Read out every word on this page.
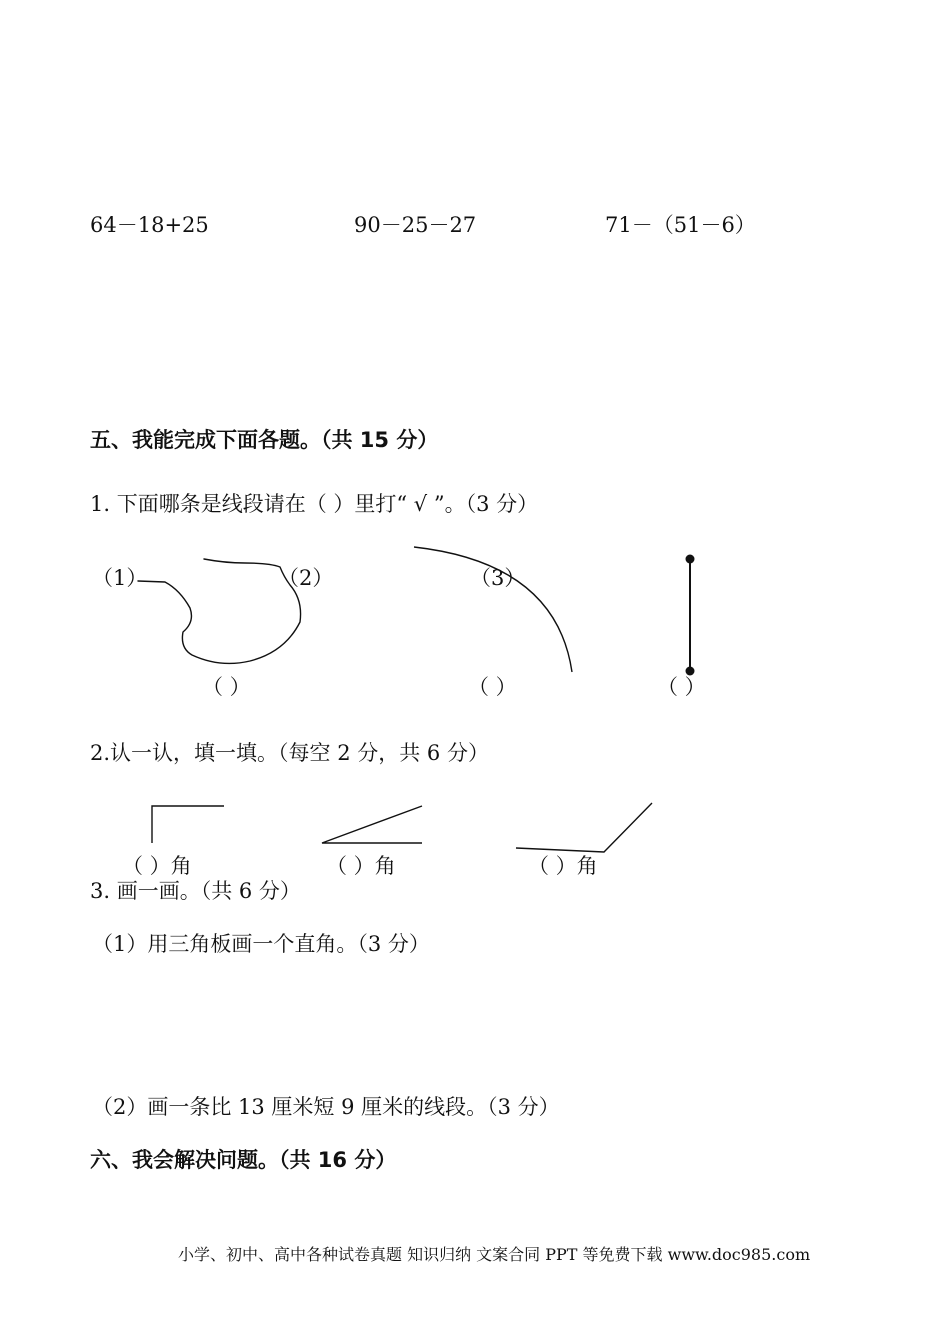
64－18+25	90－25－27	71－（51－6）
五、我能完成下面各题。（共 15 分）
1. 下面哪条是线段请在（ ）里打“ √ ”。（3 分）
（1）	（2）	（3）
（ ）	（ ）	（ ）
2.认一认，填一填。（每空 2 分，共 6 分）
（ ）角	（ ）角	（ ）角
3. 画一画。（共 6 分）
（1）用三角板画一个直角。（3 分）
（2）画一条比 13 厘米短 9 厘米的线段。（3 分）
六、我会解决问题。（共 16 分）
小学、初中、高中各种试卷真题 知识归纳 文案合同 PPT 等免费下载 www.doc985.com
